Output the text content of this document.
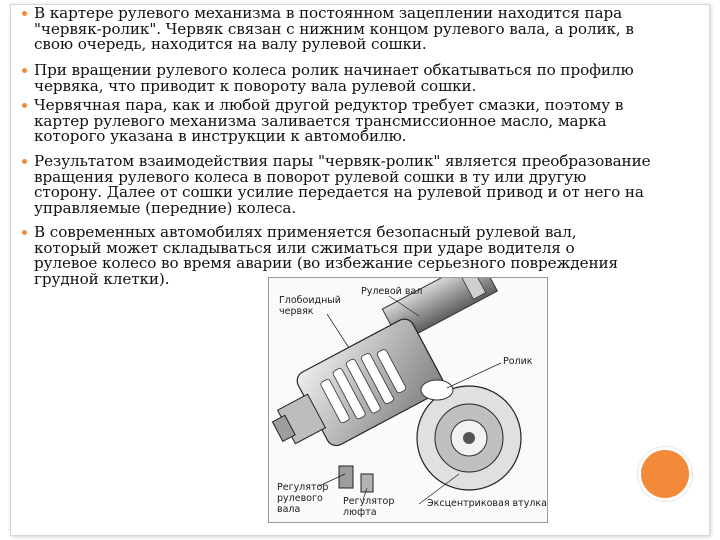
В картере рулевого механизма в постоянном зацеплении находится пара "червяк-ролик". Червяк связан с нижним концом рулевого вала, а ролик, в свою очередь, находится на валу рулевой сошки.

При вращении рулевого колеса ролик начинает обкатываться по профилю червяка, что приводит к повороту вала рулевой сошки.

Червячная пара, как и любой другой редуктор требует смазки, поэтому в картер рулевого механизма заливается трансмиссионное масло, марка которого указана в инструкции к автомобилю.

Результатом взаимодействия пары "червяк-ролик" является преобразование вращения рулевого колеса в поворот рулевой сошки в ту или другую сторону. Далее от сошки усилие передается на рулевой привод и от него на управляемые (передние) колеса.

В современных автомобилях применяется безопасный рулевой вал, который может складываться или сжиматься при ударе водителя о рулевое колесо во время аварии (во избежание серьезного повреждения грудной клетки).

Глобоидный
червяк
Рулевой вал
Ролик
Регулятор
рулевого
вала
Регулятор
люфта
Эксцентриковая втулка
